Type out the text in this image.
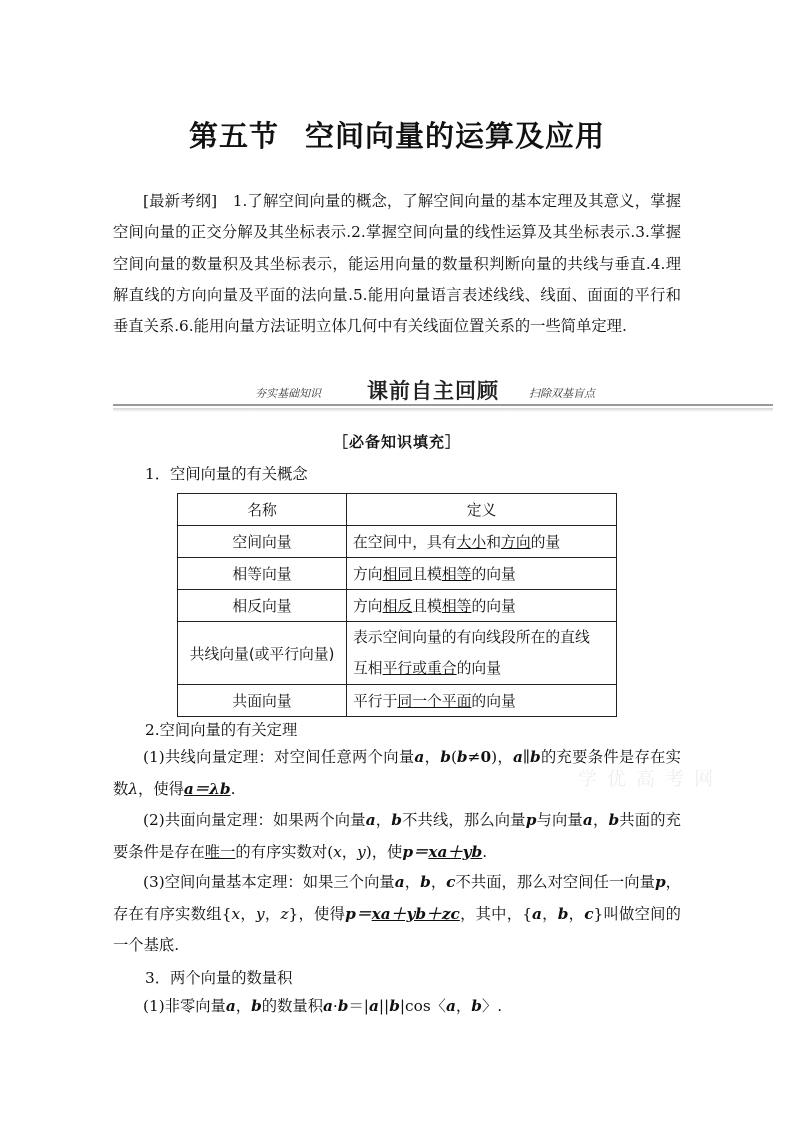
第五节 空间向量的运算及应用
[最新考纲]　 1.了解空间向量的概念，了解空间向量的基本定理及其意义，掌握空间向量的正交分解及其坐标表示.2.掌握空间向量的线性运算及其坐标表示.3.掌握空间向量的数量积及其坐标表示，能运用向量的数量积判断向量的共线与垂直.4.理解直线的方向向量及平面的法向量.5.能用向量语言表述线线、线面、面面的平行和垂直关系.6.能用向量方法证明立体几何中有关线面位置关系的一些简单定理.
夯实基础知识 课前自主回顾	扫除双基盲点
［必备知识填充］
1．空间向量的有关概念
名称	定义
空间向量	在空间中，具有大小和方向的量
相等向量	方向相同且模相等的向量
相反向量	方向相反且模相等的向量
共线向量(或平行向量)	表示空间向量的有向线段所在的直线
互相平行或重合的向量
共面向量	平行于同一个平面的向量
2.空间向量的有关定理
(1)共线向量定理：对空间任意两个向量a，b(b≠0)，a∥b的充要条件是存在实数λ，使得a＝λb.
(2)共面向量定理：如果两个向量a，b不共线，那么向量p与向量a，b共面的充要条件是存在唯一的有序实数对(x，y)，使p＝xa＋yb.
(3)空间向量基本定理：如果三个向量a，b，c不共面，那么对空间任一向量p，存在有序实数组{x，y，z}，使得p＝xa＋yb＋zc，其中，{a，b，c}叫做空间的一个基底.
3．两个向量的数量积
(1)非零向量a，b的数量积a·b＝|a||b|cos〈a，b〉.
学 优 高 考 网
